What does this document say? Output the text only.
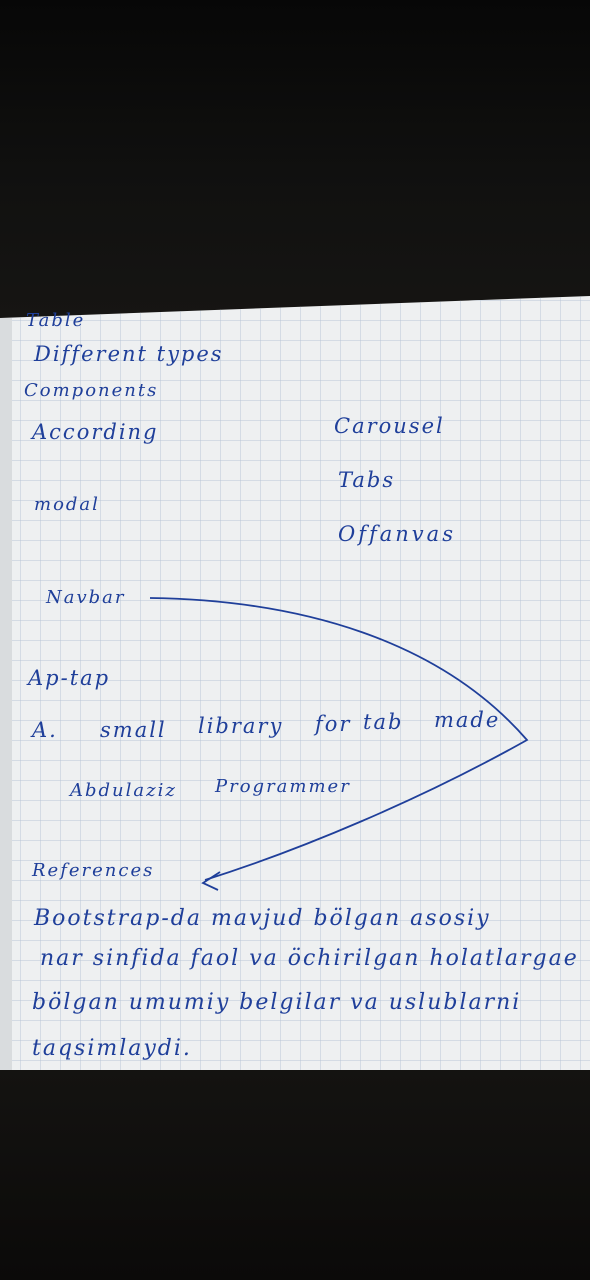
Table
Different types
Components
According	Carousel
Tabs
modal
Offanvas
Navbar
Ap-tap
A. small library for tab made
Abdulaziz Programmer
References
Bootstrap-da mavjud bölgan asosiy
nar sinfida faol va öchirilgan holatlargae
bölgan umumiy belgilar va uslublarni
taqsimlaydi.
